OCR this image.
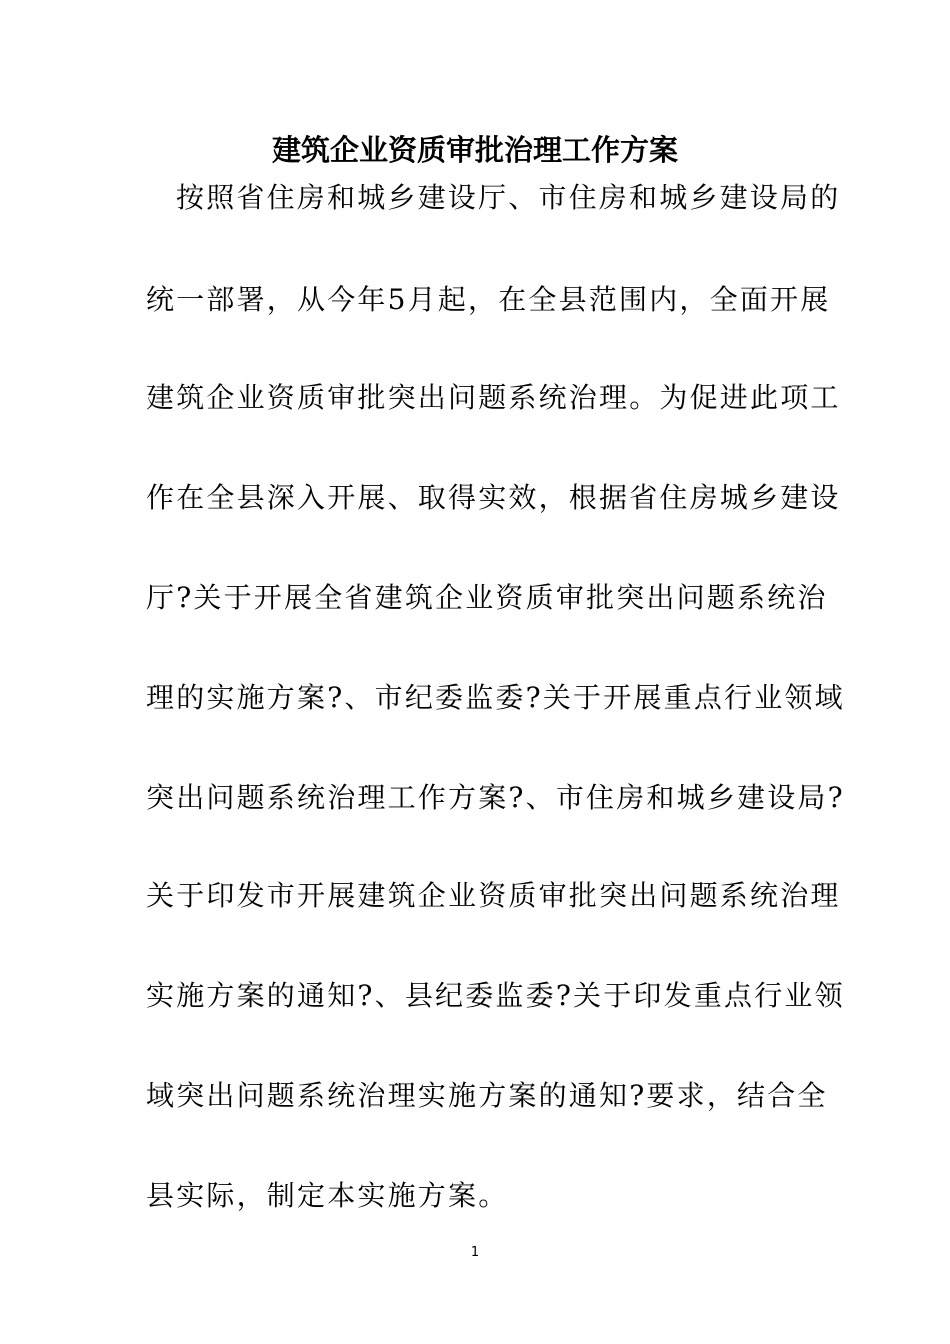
建筑企业资质审批治理工作方案
按照省住房和城乡建设厅、市住房和城乡建设局的
统一部署，从今年5月起，在全县范围内，全面开展
建筑企业资质审批突出问题系统治理。为促进此项工
作在全县深入开展、取得实效，根据省住房城乡建设
厅?关于开展全省建筑企业资质审批突出问题系统治
理的实施方案?、市纪委监委?关于开展重点行业领域
突出问题系统治理工作方案?、市住房和城乡建设局?
关于印发市开展建筑企业资质审批突出问题系统治理
实施方案的通知?、县纪委监委?关于印发重点行业领
域突出问题系统治理实施方案的通知?要求，结合全
县实际，制定本实施方案。
1
